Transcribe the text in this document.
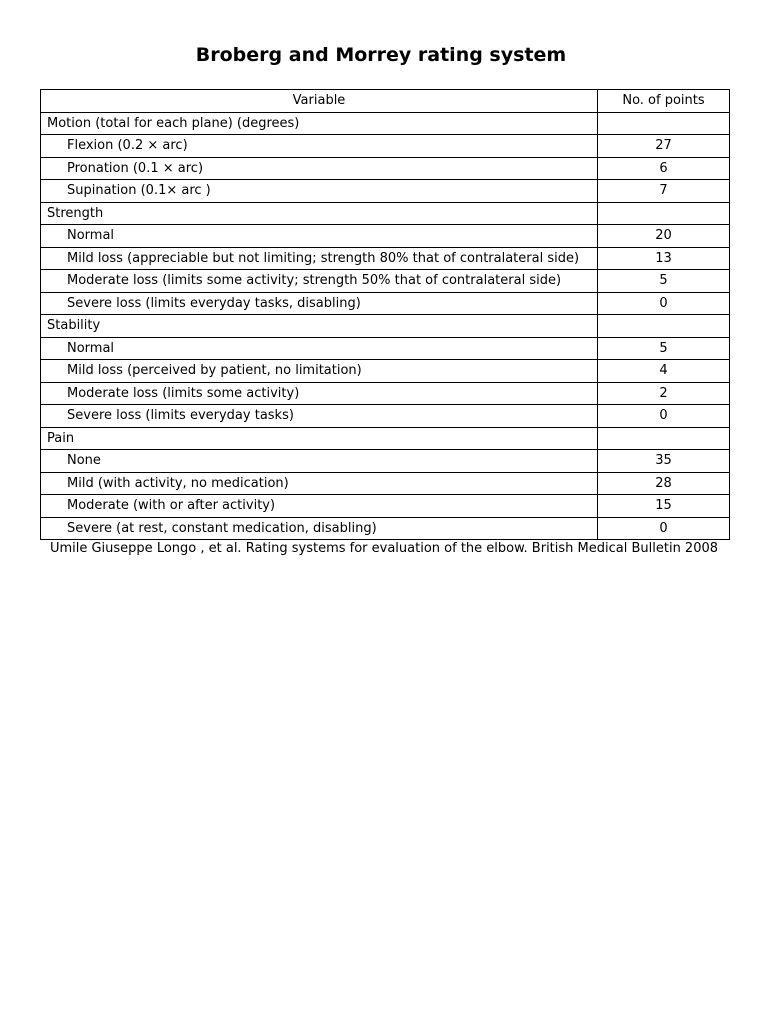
Broberg and Morrey rating system
Variable	No. of points
Motion (total for each plane) (degrees)	
Flexion (0.2 × arc)	27
Pronation (0.1 × arc)	6
Supination (0.1× arc )	7
Strength	
Normal	20
Mild loss (appreciable but not limiting; strength 80% that of contralateral side)	13
Moderate loss (limits some activity; strength 50% that of contralateral side)	5
Severe loss (limits everyday tasks, disabling)	0
Stability	
Normal	5
Mild loss (perceived by patient, no limitation)	4
Moderate loss (limits some activity)	2
Severe loss (limits everyday tasks)	0
Pain	
None	35
Mild (with activity, no medication)	28
Moderate (with or after activity)	15
Severe (at rest, constant medication, disabling)	0
Umile Giuseppe Longo , et al. Rating systems for evaluation of the elbow. British Medical Bulletin 2008
